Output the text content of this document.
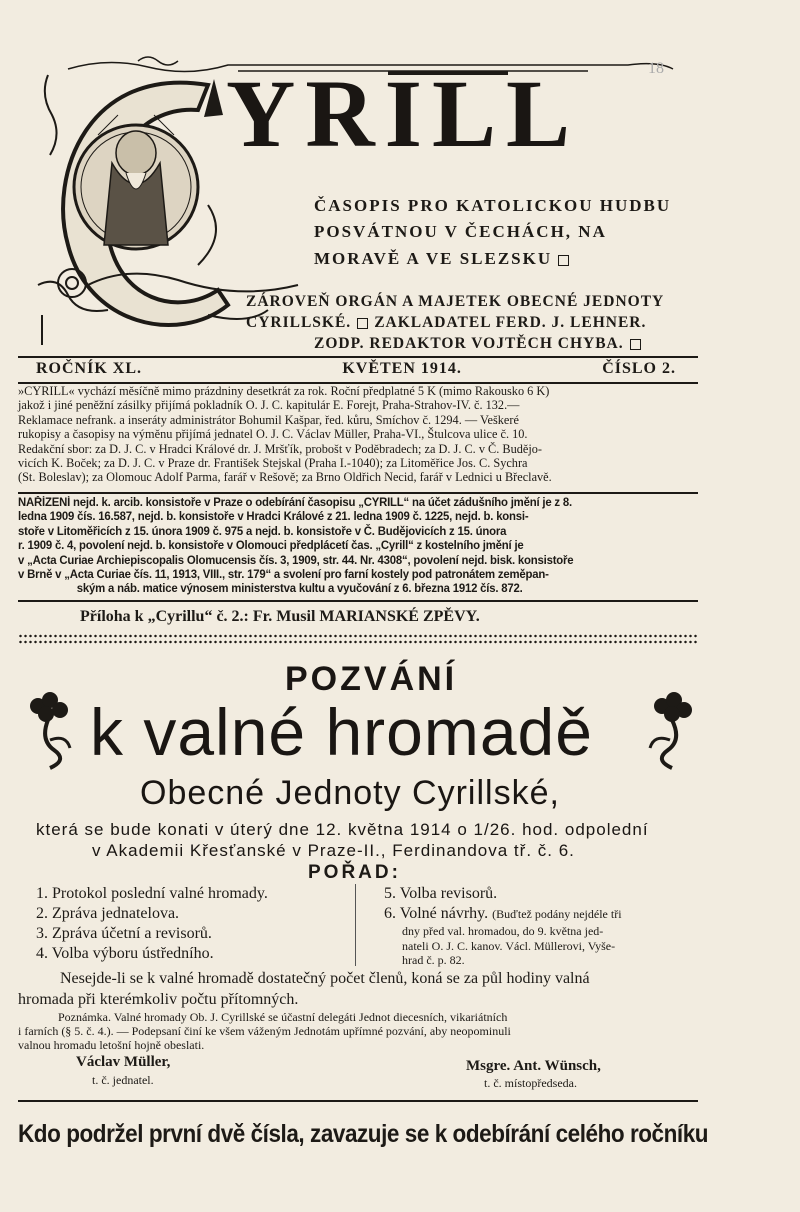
18
YRILL
ČASOPIS PRO KATOLICKOU HUDBU
POSVÁTNOU V ČECHÁCH, NA
MORAVĚ A VE SLEZSKU
ZÁROVEŇ ORGÁN A MAJETEK OBECNÉ JEDNOTY
CYRILLSKÉ. ZAKLADATEL FERD. J. LEHNER.
ZODP. REDAKTOR VOJTĚCH CHYBA.
ROČNÍK XL.	KVĚTEN 1914.	ČÍSLO 2.
»CYRILL« vychází měsíčně mimo prázdniny desetkrát za rok. Roční předplatné 5 K (mimo Rakousko 6 K)
jakož i jiné peněžní zásilky přijímá pokladník O. J. C. kapitulár E. Forejt, Praha-Strahov-IV. č. 132.—
Reklamace nefrank. a inseráty administrátor Bohumil Kašpar, řed. kůru, Smíchov č. 1294. — Veškeré
rukopisy a časopisy na výměnu přijímá jednatel O. J. C. Václav Müller, Praha-VI., Štulcova ulice č. 10.
Redakční sbor: za D. J. C. v Hradci Králové dr. J. Mršťík, probošt v Poděbradech; za D. J. C. v Č. Budějo-
vicích K. Boček; za D. J. C. v Praze dr. František Stejskal (Praha I.-1040); za Litoměřice Jos. C. Sychra
(St. Boleslav); za Olomouc Adolf Parma, farář v Rešově; za Brno Oldřich Necid, farář v Lednici u Břeclavě.
NAŘÍZENÍ nejd. k. arcib. konsistoře v Praze o odebírání časopisu „CYRILL“ na účet zádušního jmění je z 8.
ledna 1909 čís. 16.587, nejd. b. konsistoře v Hradci Králové z 21. ledna 1909 č. 1225, nejd. b. konsi-
stoře v Litoměřicích z 15. února 1909 č. 975 a nejd. b. konsistoře v Č. Budějovicích z 15. února
r. 1909 č. 4, povolení nejd. b. konsistoře v Olomouci předplácetí čas. „Cyrill“ z kostelního jmění je
v „Acta Curiae Archiepiscopalis Olomucensis čís. 3, 1909, str. 44. Nr. 4308“, povolení nejd. bisk. konsistoře
v Brně v „Acta Curiae čís. 11, 1913, VIII., str. 179“ a svolení pro farní kostely pod patronátem zeměpan-
ským a náb. matice výnosem ministerstva kultu a vyučování z 6. března 1912 čís. 872.
Příloha k „Cyrillu“ č. 2.: Fr. Musil MARIANSKÉ ZPĚVY.
POZVÁNÍ
k valné hromadě
Obecné Jednoty Cyrillské,
která se bude konati v úterý dne 12. května 1914 o 1/26. hod. odpolední
v Akademii Křesťanské v Praze-II., Ferdinandova tř. č. 6.
POŘAD:
1. Protokol poslední valné hromady.
2. Zpráva jednatelova.
3. Zpráva účetní a revisorů.
4. Volba výboru ústředního.
5. Volba revisorů.
6. Volné návrhy. (Buďtež podány nejdéle tři
dny před val. hromadou, do 9. května jed-
nateli O. J. C. kanov. Václ. Müllerovi, Vyše-
hrad č. p. 82.
Nesejde-li se k valné hromadě dostatečný počet členů, koná se za půl hodiny valná
hromada při kterémkoliv počtu přítomných.
Poznámka. Valné hromady Ob. J. Cyrillské se účastní delegáti Jednot diecesních, vikariátních
i farních (§ 5. č. 4.). — Podepsaní činí ke všem váženým Jednotám upřímné pozvání, aby neopominuli
valnou hromadu letošní hojně obeslati.
Václav Müller,
t. č. jednatel.
Msgre. Ant. Wünsch,
t. č. místopředseda.
Kdo podržel první dvě čísla, zavazuje se k odebírání celého ročníku
